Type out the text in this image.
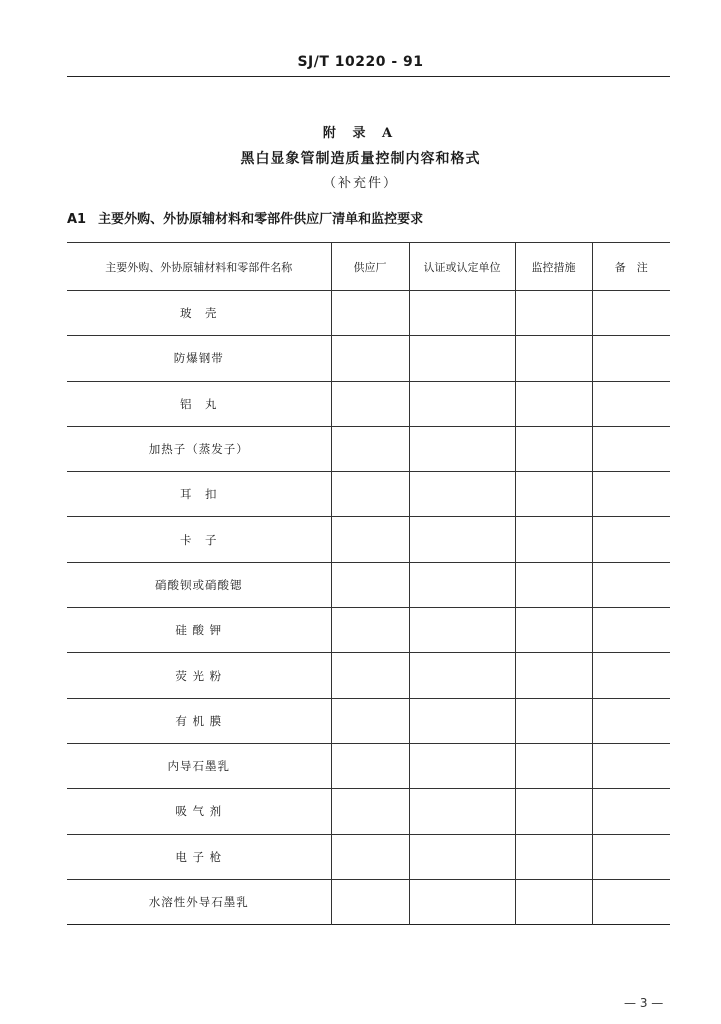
SJ/T 10220 - 91
附 录 A
黑白显象管制造质量控制内容和格式
（补充件）
A1 主要外购、外协原辅材料和零部件供应厂清单和监控要求
主要外购、外协原辅材料和零部件名称	供应厂	认证或认定单位	监控措施	备　注
玻　壳				
防爆钢带				
铝　丸				
加热子（蒸发子）				
耳　扣				
卡　子				
硝酸钡或硝酸锶				
硅 酸 钾				
荧 光 粉				
有 机 膜				
内导石墨乳				
吸 气 剂				
电 子 枪				
水溶性外导石墨乳				
— 3 —
